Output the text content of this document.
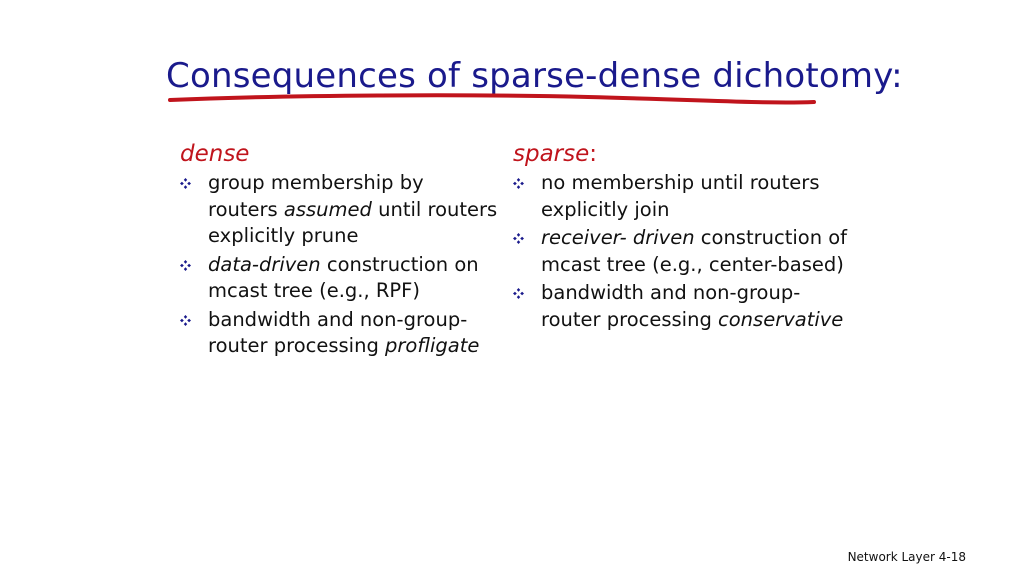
Consequences of sparse-dense dichotomy:
dense
group membership by routers assumed until routers explicitly prune
data-driven construction on mcast tree (e.g., RPF)
bandwidth and non-group-router processing profligate
sparse:
no membership until routers explicitly join
receiver- driven construction of mcast tree (e.g., center-based)
bandwidth and non-group-router processing conservative
Network Layer 4-18
